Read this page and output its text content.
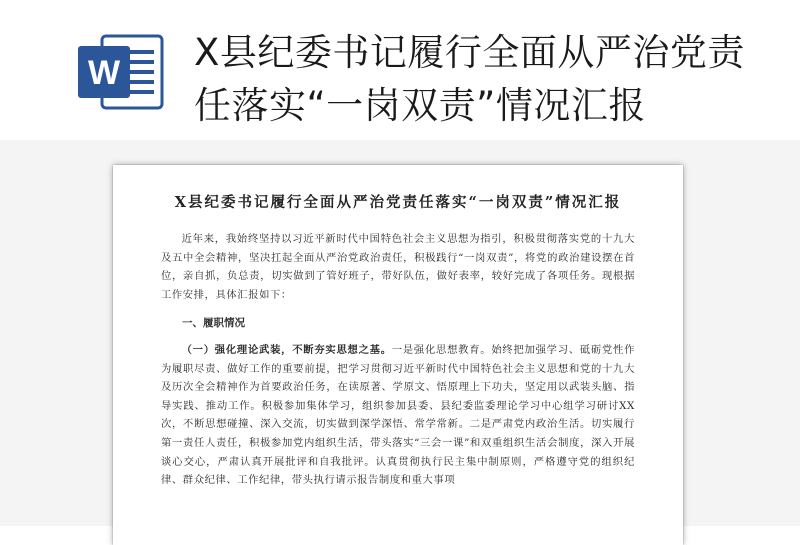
W X县纪委书记履行全面从严治党责任落实“一岗双责”情况汇报

X县纪委书记履行全面从严治党责任落实“一岗双责”情况汇报

近年来，我始终坚持以习近平新时代中国特色社会主义思想为指引，积极贯彻落实党的十九大及五中全会精神，坚决扛起全面从严治党政治责任，积极践行“一岗双责”，将党的政治建设摆在首位，亲自抓，负总责，切实做到了管好班子，带好队伍，做好表率，较好完成了各项任务。现根据工作安排，具体汇报如下：

一、履职情况

（一）强化理论武装，不断夯实思想之基。一是强化思想教育。始终把加强学习、砥砺党性作为履职尽责、做好工作的重要前提，把学习贯彻习近平新时代中国特色社会主义思想和党的十九大及历次全会精神作为首要政治任务，在读原著、学原文、悟原理上下功夫，坚定用以武装头脑、指导实践、推动工作。积极参加集体学习，组织参加县委、县纪委监委理论学习中心组学习研讨XX次，不断思想碰撞、深入交流，切实做到深学深悟、常学常新。二是严肃党内政治生活。切实履行第一责任人责任，积极参加党内组织生活，带头落实“三会一课”和双重组织生活会制度，深入开展谈心交心，严肃认真开展批评和自我批评。认真贯彻执行民主集中制原则，严格遵守党的组织纪律、群众纪律、工作纪律，带头执行请示报告制度和重大事项
